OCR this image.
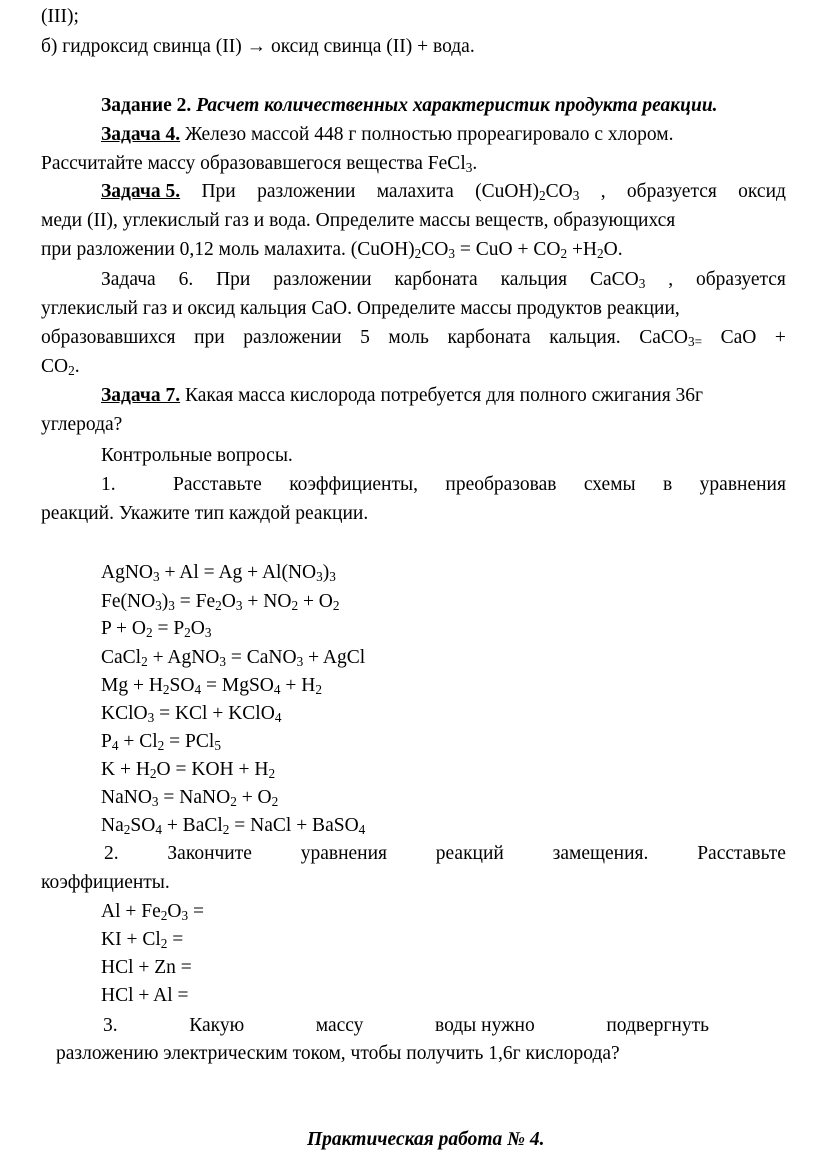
(III);
б) гидроксид свинца (II) → оксид свинца (II) + вода.
Задание 2. Расчет количественных характеристик продукта реакции.
Задача 4. Железо массой 448 г полностью прореагировало с хлором.
Рассчитайте массу образовавшегося вещества FeCl$_3$.
Задача 5. При разложении малахита $(CuOH)_2CO_3$ , образуется оксид
меди (II), углекислый газ и вода. Определите массы веществ, образующихся
при разложении 0,12 моль малахита. $(CuOH)_2CO_3$ = CuO + $CO_2 +H_2O$.
Задача 6. При разложении карбоната кальция CaCO$_3$ , образуется
углекислый газ и оксид кальция CaO. Определите массы продуктов реакции,
образовавшихся при разложении 5 моль карбоната кальция. CaCO$_{3=}$ CaO +
$CO_2$.
Задача 7. Какая масса кислорода потребуется для полного сжигания 36г
углерода?
Контрольные вопросы.
1.	Расставьте коэффициенты, преобразовав схемы в уравнения
реакций. Укажите тип каждой реакции.
AgNO$_3$ + $Al = Ag + Al(NO_3)_3$
$Fe(NO_3)_3 = Fe_2O_3 + NO_2 + O_2$
$P + O_2 = P_2O_3$
CaCl$_2$ + AgNO$_3$ = CaNO$_3$ + AgCl
$Mg + H_2SO_4$ = MgSO$_4$ + $H_2$
KClO$_3$ = KCl + KClO$_4$
$P_4 + Cl_2 = PCl_5$
$K + H_2O$ = KOH + $H_2$
NaNO$_3$ = NaNO$_2$ + $O_2$
$Na_2SO_4$ + BaCl$_2$ = NaCl + BaSO$_4$
2.	Закончите	уравнения	реакций	замещения.	Расставьте
коэффициенты.
$Al + Fe_2O_3$ =
KI + $Cl_2$ =
HCl + Zn =
HCl + Al =
3.	Какую	массу	воды нужно	подвергнуть
разложению электрическим током, чтобы получить 1,6г кислорода?
Практическая работа № 4.
